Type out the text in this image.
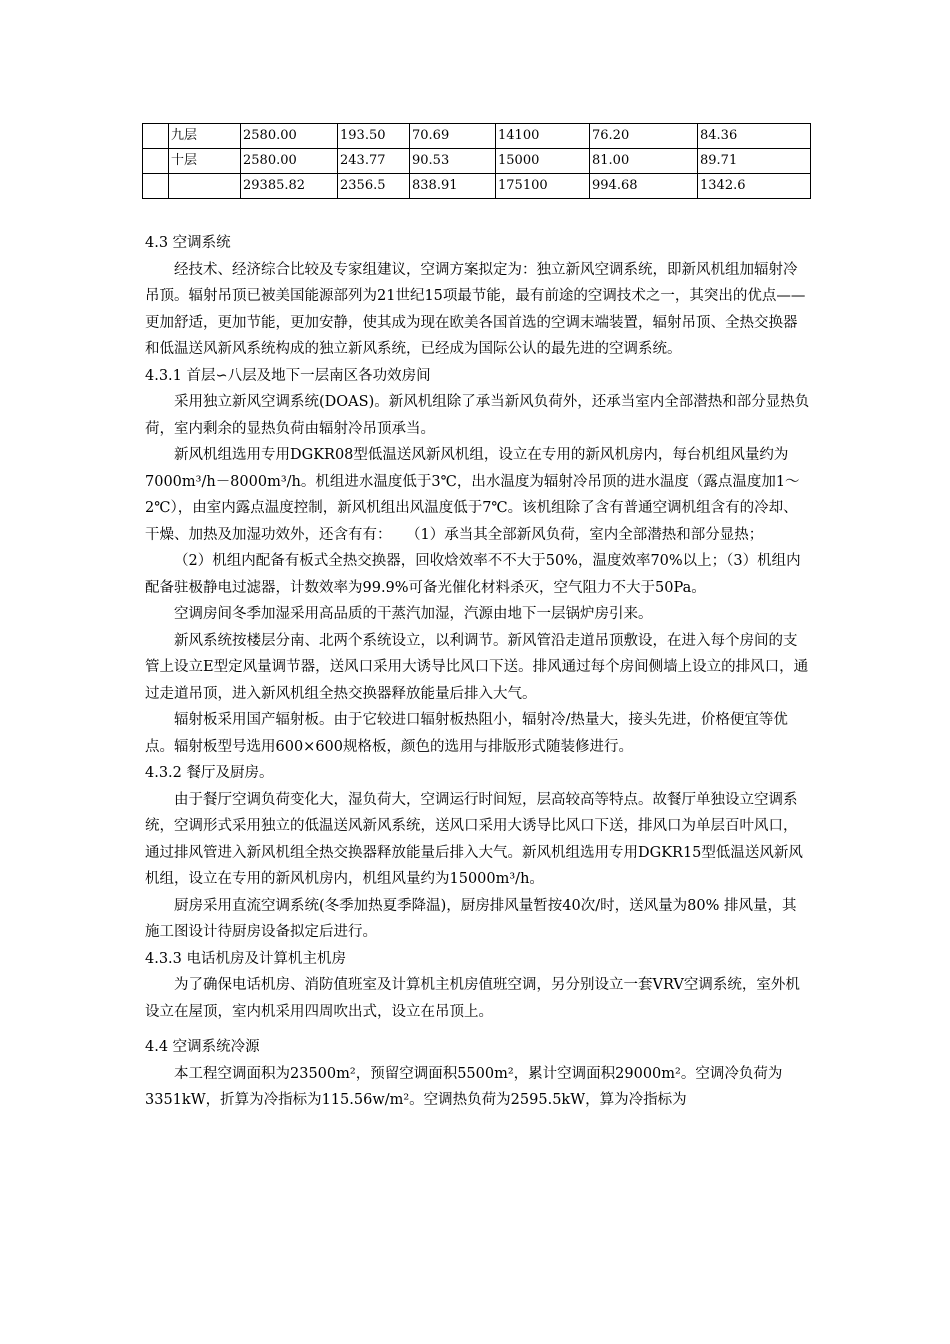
	九层	2580.00	193.50	70.69	14100	76.20	84.36
	十层	2580.00	243.77	90.53	15000	81.00	89.71
		29385.82	2356.5	838.91	175100	994.68	1342.6

4.3 空调系统

经技术、经济综合比较及专家组建议，空调方案拟定为：独立新风空调系统，即新风机组加辐射冷吊顶。辐射吊顶已被美国能源部列为21世纪15项最节能，最有前途的空调技术之一，其突出的优点——更加舒适，更加节能，更加安静，使其成为现在欧美各国首选的空调末端装置，辐射吊顶、全热交换器和低温送风新风系统构成的独立新风系统，已经成为国际公认的最先进的空调系统。

4.3.1 首层∽八层及地下一层南区各功效房间

采用独立新风空调系统(DOAS)。新风机组除了承当新风负荷外，还承当室内全部潜热和部分显热负荷，室内剩余的显热负荷由辐射冷吊顶承当。

新风机组选用专用DGKR08型低温送风新风机组，设立在专用的新风机房内，每台机组风量约为7000m³/h－8000m³/h。机组进水温度低于3℃，出水温度为辐射冷吊顶的进水温度（露点温度加1～2℃），由室内露点温度控制，新风机组出风温度低于7℃。该机组除了含有普通空调机组含有的冷却、干燥、加热及加湿功效外，还含有有：　　（1）承当其全部新风负荷，室内全部潜热和部分显热；

（2）机组内配备有板式全热交换器，回收焓效率不不大于50%，温度效率70%以上；（3）机组内配备驻极静电过滤器，计数效率为99.9%可备光催化材料杀灭，空气阻力不大于50Pa。

空调房间冬季加湿采用高品质的干蒸汽加湿，汽源由地下一层锅炉房引来。

新风系统按楼层分南、北两个系统设立，以利调节。新风管沿走道吊顶敷设，在进入每个房间的支管上设立E型定风量调节器，送风口采用大诱导比风口下送。排风通过每个房间侧墙上设立的排风口，通过走道吊顶，进入新风机组全热交换器释放能量后排入大气。

辐射板采用国产辐射板。由于它较进口辐射板热阻小，辐射冷/热量大，接头先进，价格便宜等优点。辐射板型号选用600×600规格板，颜色的选用与排版形式随装修进行。

4.3.2 餐厅及厨房。

由于餐厅空调负荷变化大，湿负荷大，空调运行时间短，层高较高等特点。故餐厅单独设立空调系统，空调形式采用独立的低温送风新风系统，送风口采用大诱导比风口下送，排风口为单层百叶风口，通过排风管进入新风机组全热交换器释放能量后排入大气。新风机组选用专用DGKR15型低温送风新风机组，设立在专用的新风机房内，机组风量约为15000m³/h。

厨房采用直流空调系统(冬季加热夏季降温)，厨房排风量暂按40次/时，送风量为80% 排风量，其施工图设计待厨房设备拟定后进行。

4.3.3 电话机房及计算机主机房

为了确保电话机房、消防值班室及计算机主机房值班空调，另分别设立一套VRV空调系统，室外机设立在屋顶，室内机采用四周吹出式，设立在吊顶上。

4.4 空调系统冷源

本工程空调面积为23500m²，预留空调面积5500m²，累计空调面积29000m²。空调冷负荷为3351kW，折算为冷指标为115.56w/m²。空调热负荷为2595.5kW，算为冷指标为
